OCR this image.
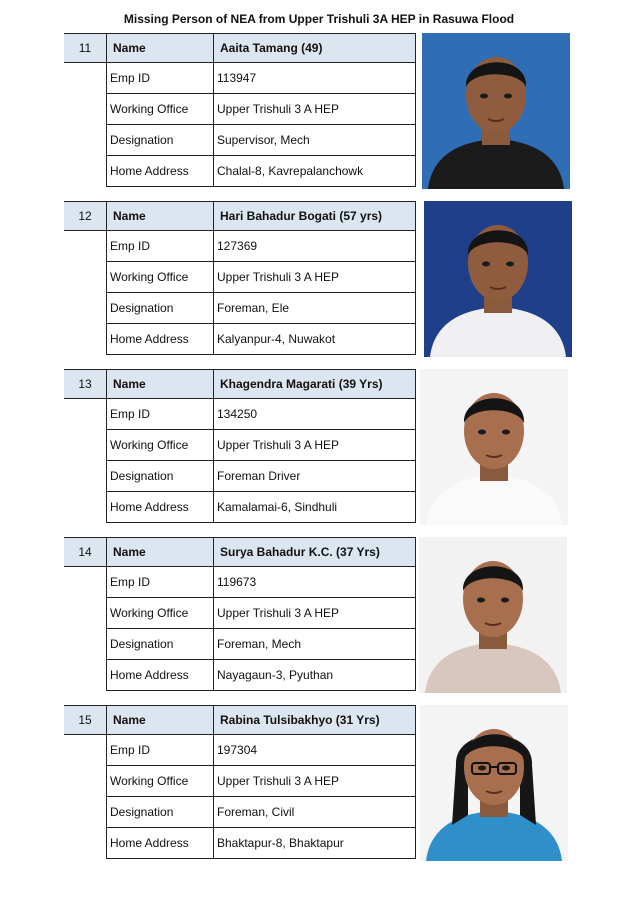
Missing Person of NEA from Upper Trishuli 3A HEP in Rasuwa Flood
11	Name	Aaita Tamang (49)
Emp ID	113947
Working Office	Upper Trishuli 3 A HEP
Designation	Supervisor, Mech
Home Address	Chalal-8, Kavrepalanchowk
12	Name	Hari Bahadur Bogati (57 yrs)
Emp ID	127369
Working Office	Upper Trishuli 3 A HEP
Designation	Foreman, Ele
Home Address	Kalyanpur-4, Nuwakot
13	Name	Khagendra Magarati (39 Yrs)
Emp ID	134250
Working Office	Upper Trishuli 3 A HEP
Designation	Foreman Driver
Home Address	Kamalamai-6, Sindhuli
14	Name	Surya Bahadur K.C. (37 Yrs)
Emp ID	119673
Working Office	Upper Trishuli 3 A HEP
Designation	Foreman, Mech
Home Address	Nayagaun-3, Pyuthan
15	Name	Rabina Tulsibakhyo (31 Yrs)
Emp ID	197304
Working Office	Upper Trishuli 3 A HEP
Designation	Foreman, Civil
Home Address	Bhaktapur-8, Bhaktapur
